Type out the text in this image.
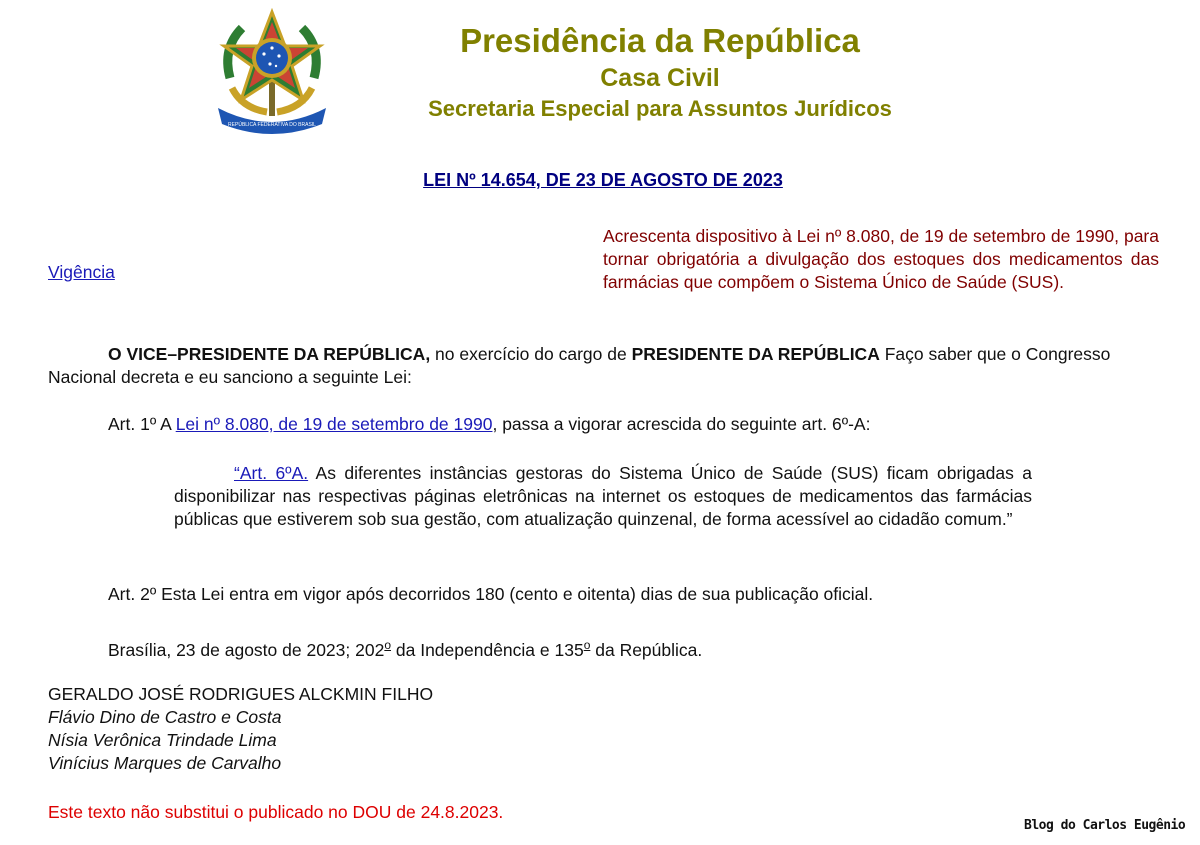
REPÚBLICA FEDERATIVA DO BRASIL
Presidência da República
Casa Civil
Secretaria Especial para Assuntos Jurídicos
LEI Nº 14.654, DE 23 DE AGOSTO DE 2023
Vigência
Acrescenta dispositivo à Lei nº 8.080, de 19 de setembro de 1990, para tornar obrigatória a divulgação dos estoques dos medicamentos das farmácias que compõem o Sistema Único de Saúde (SUS).
O VICE–PRESIDENTE DA REPÚBLICA, no exercício do cargo de PRESIDENTE DA REPÚBLICA Faço saber que o Congresso Nacional decreta e eu sanciono a seguinte Lei:
Art. 1º A Lei nº 8.080, de 19 de setembro de 1990, passa a vigorar acrescida do seguinte art. 6º-A:
“Art. 6ºA. As diferentes instâncias gestoras do Sistema Único de Saúde (SUS) ficam obrigadas a disponibilizar nas respectivas páginas eletrônicas na internet os estoques de medicamentos das farmácias públicas que estiverem sob sua gestão, com atualização quinzenal, de forma acessível ao cidadão comum.”
Art. 2º Esta Lei entra em vigor após decorridos 180 (cento e oitenta) dias de sua publicação oficial.
Brasília, 23 de agosto de 2023; 202$^o$ da Independência e 135$^o$ da República.
GERALDO JOSÉ RODRIGUES ALCKMIN FILHO
Flávio Dino de Castro e Costa
Nísia Verônica Trindade Lima
Vinícius Marques de Carvalho
Este texto não substitui o publicado no DOU de 24.8.2023.
Blog do Carlos Eugênio
